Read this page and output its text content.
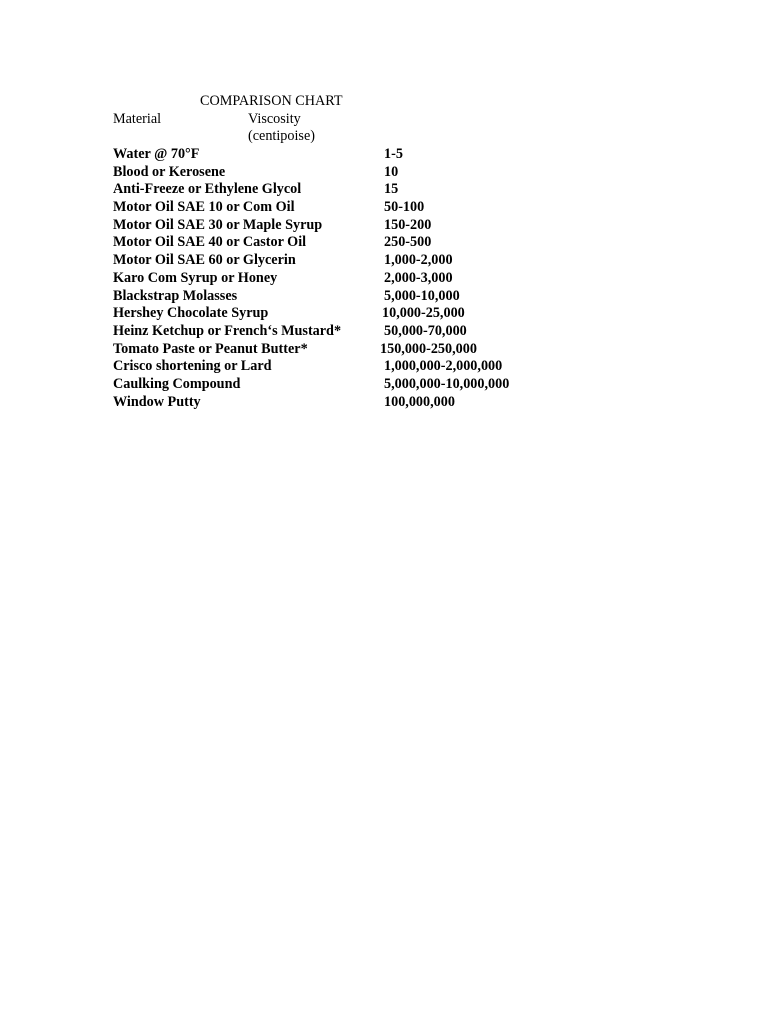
COMPARISON CHART
Material	Viscosity
(centipoise)
Water @ 70°F	1-5
Blood or Kerosene	10
Anti-Freeze or Ethylene Glycol	15
Motor Oil SAE 10 or Com Oil	50-100
Motor Oil SAE 30 or Maple Syrup	150-200
Motor Oil SAE 40 or Castor Oil	250-500
Motor Oil SAE 60 or Glycerin	1,000-2,000
Karo Com Syrup or Honey	2,000-3,000
Blackstrap Molasses	5,000-10,000
Hershey Chocolate Syrup	10,000-25,000
Heinz Ketchup or French‘s Mustard*	50,000-70,000
Tomato Paste or Peanut Butter*	150,000-250,000
Crisco shortening or Lard	1,000,000-2,000,000
Caulking Compound	5,000,000-10,000,000
Window Putty	100,000,000
